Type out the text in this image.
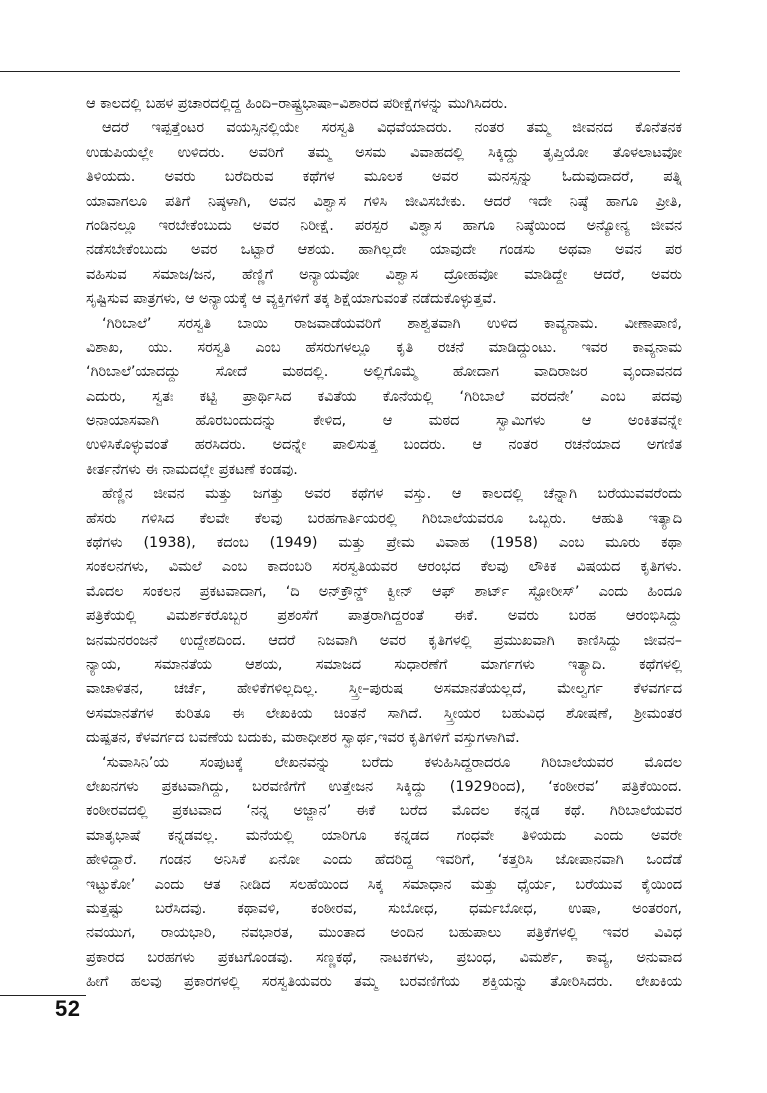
ಆ ಕಾಲದಲ್ಲಿ ಬಹಳ ಪ್ರಚಾರದಲ್ಲಿದ್ದ ಹಿಂದಿ–ರಾಷ್ಟ್ರಭಾಷಾ–ವಿಶಾರದ ಪರೀಕ್ಷೆಗಳನ್ನು ಮುಗಿಸಿದರು.
ಆದರೆ ಇಪ್ಪತ್ತೆಂಟರ ವಯಸ್ಸಿನಲ್ಲಿಯೇ ಸರಸ್ವತಿ ವಿಧವೆಯಾದರು. ನಂತರ ತಮ್ಮ ಜೀವನದ ಕೊನೆತನಕ
ಉಡುಪಿಯಲ್ಲೇ ಉಳಿದರು. ಅವರಿಗೆ ತಮ್ಮ ಅಸಮ ವಿವಾಹದಲ್ಲಿ ಸಿಕ್ಕಿದ್ದು ತೃಪ್ತಿಯೋ ತೊಳಲಾಟವೋ
ತಿಳಿಯದು. ಅವರು ಬರೆದಿರುವ ಕಥೆಗಳ ಮೂಲಕ ಅವರ ಮನಸ್ಸನ್ನು ಓದುವುದಾದರೆ, ಪತ್ನಿ
ಯಾವಾಗಲೂ ಪತಿಗೆ ನಿಷ್ಠಳಾಗಿ, ಅವನ ವಿಶ್ವಾಸ ಗಳಿಸಿ ಜೀವಿಸಬೇಕು. ಆದರೆ ಇದೇ ನಿಷ್ಠೆ ಹಾಗೂ ಪ್ರೀತಿ,
ಗಂಡಿನಲ್ಲೂ ಇರಬೇಕೆಂಬುದು ಅವರ ನಿರೀಕ್ಷೆ. ಪರಸ್ಪರ ವಿಶ್ವಾಸ ಹಾಗೂ ನಿಷ್ಠೆಯಿಂದ ಅನ್ಯೋನ್ಯ ಜೀವನ
ನಡೆಸಬೇಕೆಂಬುದು ಅವರ ಒಟ್ಟಾರೆ ಆಶಯ. ಹಾಗಿಲ್ಲದೇ ಯಾವುದೇ ಗಂಡಸು ಅಥವಾ ಅವನ ಪರ
ವಹಿಸುವ ಸಮಾಜ/ಜನ, ಹೆಣ್ಣಿಗೆ ಅನ್ಯಾಯವೋ ವಿಶ್ವಾಸ ದ್ರೋಹವೋ ಮಾಡಿದ್ದೇ ಆದರೆ, ಅವರು
ಸೃಷ್ಟಿಸುವ ಪಾತ್ರಗಳು, ಆ ಅನ್ಯಾಯಕ್ಕೆ ಆ ವ್ಯಕ್ತಿಗಳಿಗೆ ತಕ್ಕ ಶಿಕ್ಷೆಯಾಗುವಂತೆ ನಡೆದುಕೊಳ್ಳುತ್ತವೆ.
‘ಗಿರಿಬಾಲೆ’ ಸರಸ್ವತಿ ಬಾಯಿ ರಾಜವಾಡೆಯವರಿಗೆ ಶಾಶ್ವತವಾಗಿ ಉಳಿದ ಕಾವ್ಯನಾಮ. ವೀಣಾಪಾಣಿ,
ವಿಶಾಖ, ಯು. ಸರಸ್ವತಿ ಎಂಬ ಹೆಸರುಗಳಲ್ಲೂ ಕೃತಿ ರಚನೆ ಮಾಡಿದ್ದುಂಟು. ಇವರ ಕಾವ್ಯನಾಮ
‘ಗಿರಿಬಾಲೆ’ಯಾದದ್ದು ಸೋದೆ ಮಠದಲ್ಲಿ. ಅಲ್ಲಿಗೊಮ್ಮೆ ಹೋದಾಗ ವಾದಿರಾಜರ ವೃಂದಾವನದ
ಎದುರು, ಸ್ವತಃ ಕಟ್ಟಿ ಪ್ರಾರ್ಥಿಸಿದ ಕವಿತೆಯ ಕೊನೆಯಲ್ಲಿ ‘ಗಿರಿಬಾಲೆ ವರದನೇ’ ಎಂಬ ಪದವು
ಅನಾಯಾಸವಾಗಿ ಹೊರಬಂದುದನ್ನು ಕೇಳಿದ, ಆ ಮಠದ ಸ್ವಾಮಿಗಳು ಆ ಅಂಕಿತವನ್ನೇ
ಉಳಿಸಿಕೊಳ್ಳುವಂತೆ ಹರಸಿದರು. ಅದನ್ನೇ ಪಾಲಿಸುತ್ತ ಬಂದರು. ಆ ನಂತರ ರಚನೆಯಾದ ಅಗಣಿತ
ಕೀರ್ತನೆಗಳು ಈ ನಾಮದಲ್ಲೇ ಪ್ರಕಟಣೆ ಕಂಡವು.
ಹೆಣ್ಣಿನ ಜೀವನ ಮತ್ತು ಜಗತ್ತು ಅವರ ಕಥೆಗಳ ವಸ್ತು. ಆ ಕಾಲದಲ್ಲಿ ಚೆನ್ನಾಗಿ ಬರೆಯುವವರೆಂದು
ಹೆಸರು ಗಳಿಸಿದ ಕೆಲವೇ ಕೆಲವು ಬರಹಗಾರ್ತಿಯರಲ್ಲಿ ಗಿರಿಬಾಲೆಯವರೂ ಒಬ್ಬರು. ಆಹುತಿ ಇತ್ಯಾದಿ
ಕಥೆಗಳು (1938), ಕದಂಬ (1949) ಮತ್ತು ಪ್ರೇಮ ವಿವಾಹ (1958) ಎಂಬ ಮೂರು ಕಥಾ
ಸಂಕಲನಗಳು, ವಿಮಲೆ ಎಂಬ ಕಾದಂಬರಿ ಸರಸ್ವತಿಯವರ ಆರಂಭದ ಕೆಲವು ಲೌಕಿಕ ವಿಷಯದ ಕೃತಿಗಳು.
ಮೊದಲ ಸಂಕಲನ ಪ್ರಕಟವಾದಾಗ, ‘ದಿ ಅನ್‌ಕ್ರೌನ್ಡ್ ಕ್ವೀನ್ ಆಫ್ ಶಾರ್ಟ್ ಸ್ಟೋರೀಸ್’ ಎಂದು ಹಿಂದೂ
ಪತ್ರಿಕೆಯಲ್ಲಿ ವಿಮರ್ಶಕರೊಬ್ಬರ ಪ್ರಶಂಸೆಗೆ ಪಾತ್ರರಾಗಿದ್ದರಂತೆ ಈಕೆ. ಅವರು ಬರಹ ಆರಂಭಿಸಿದ್ದು
ಜನಮನರಂಜನೆ ಉದ್ದೇಶದಿಂದ. ಆದರೆ ನಿಜವಾಗಿ ಅವರ ಕೃತಿಗಳಲ್ಲಿ ಪ್ರಮುಖವಾಗಿ ಕಾಣಿಸಿದ್ದು ಜೀವನ–
ನ್ಯಾಯ, ಸಮಾನತೆಯ ಆಶಯ, ಸಮಾಜದ ಸುಧಾರಣೆಗೆ ಮಾರ್ಗಗಳು ಇತ್ಯಾದಿ. ಕಥೆಗಳಲ್ಲಿ
ವಾಚಾಳಿತನ, ಚರ್ಚೆ, ಹೇಳಿಕೆಗಳಿಲ್ಲದಿಲ್ಲ. ಸ್ತ್ರೀ–ಪುರುಷ ಅಸಮಾನತೆಯಲ್ಲದೆ, ಮೇಲ್ವರ್ಗ ಕೆಳವರ್ಗದ
ಅಸಮಾನತೆಗಳ ಕುರಿತೂ ಈ ಲೇಖಕಿಯ ಚಿಂತನೆ ಸಾಗಿದೆ. ಸ್ತ್ರೀಯರ ಬಹುವಿಧ ಶೋಷಣೆ, ಶ್ರೀಮಂತರ
ದುಷ್ಪತನ, ಕೆಳವರ್ಗದ ಬವಣೆಯ ಬದುಕು, ಮಠಾಧೀಶರ ಸ್ವಾರ್ಥ,ಇವರ ಕೃತಿಗಳಿಗೆ ವಸ್ತುಗಳಾಗಿವೆ.
‘ಸುವಾಸಿನಿ’ಯ ಸಂಪುಟಕ್ಕೆ ಲೇಖನವನ್ನು ಬರೆದು ಕಳುಹಿಸಿದ್ದರಾದರೂ ಗಿರಿಬಾಲೆಯವರ ಮೊದಲ
ಲೇಖನಗಳು ಪ್ರಕಟವಾಗಿದ್ದು, ಬರವಣಿಗೆಗೆ ಉತ್ತೇಜನ ಸಿಕ್ಕಿದ್ದು (1929ರಿಂದ), ‘ಕಂಠೀರವ’ ಪತ್ರಿಕೆಯಿಂದ.
ಕಂಠೀರವದಲ್ಲಿ ಪ್ರಕಟವಾದ ‘ನನ್ನ ಅಜ್ಜಾನ’ ಈಕೆ ಬರೆದ ಮೊದಲ ಕನ್ನಡ ಕಥೆ. ಗಿರಿಬಾಲೆಯವರ
ಮಾತೃಭಾಷೆ ಕನ್ನಡವಲ್ಲ. ಮನೆಯಲ್ಲಿ ಯಾರಿಗೂ ಕನ್ನಡದ ಗಂಧವೇ ತಿಳಿಯದು ಎಂದು ಅವರೇ
ಹೇಳಿದ್ದಾರೆ. ಗಂಡನ ಅನಿಸಿಕೆ ಏನೋ ಎಂದು ಹೆದರಿದ್ದ ಇವರಿಗೆ, ‘ಕತ್ತರಿಸಿ ಜೋಪಾನವಾಗಿ ಒಂದೆಡೆ
ಇಟ್ಟುಕೋ’ ಎಂದು ಆತ ನೀಡಿದ ಸಲಹೆಯಿಂದ ಸಿಕ್ಕ ಸಮಾಧಾನ ಮತ್ತು ಧೈರ್ಯ, ಬರೆಯುವ ಕೈಯಿಂದ
ಮತ್ತಷ್ಟು ಬರೆಸಿದವು. ಕಥಾವಳಿ, ಕಂಠೀರವ, ಸುಬೋಧ, ಧರ್ಮಬೋಧ, ಉಷಾ, ಅಂತರಂಗ,
ನವಯುಗ, ರಾಯಭಾರಿ, ನವಭಾರತ, ಮುಂತಾದ ಅಂದಿನ ಬಹುಪಾಲು ಪತ್ರಿಕೆಗಳಲ್ಲಿ ಇವರ ವಿವಿಧ
ಪ್ರಕಾರದ ಬರಹಗಳು ಪ್ರಕಟಗೊಂಡವು. ಸಣ್ಣಕಥೆ, ನಾಟಕಗಳು, ಪ್ರಬಂಧ, ವಿಮರ್ಶೆ, ಕಾವ್ಯ, ಅನುವಾದ
ಹೀಗೆ ಹಲವು ಪ್ರಕಾರಗಳಲ್ಲಿ ಸರಸ್ವತಿಯವರು ತಮ್ಮ ಬರವಣಿಗೆಯ ಶಕ್ತಿಯನ್ನು ತೋರಿಸಿದರು. ಲೇಖಕಿಯ
52
